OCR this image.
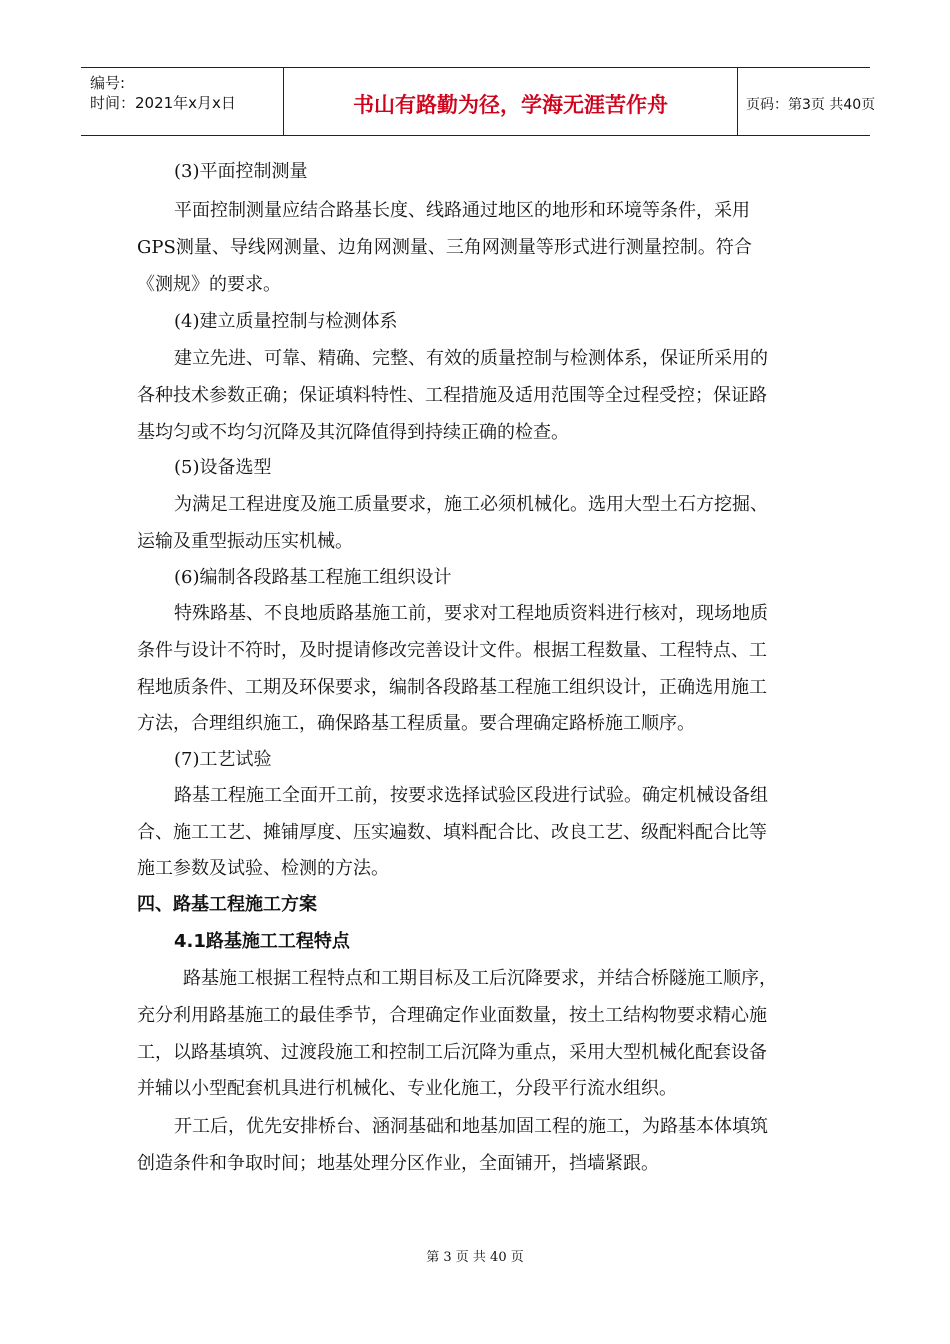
编号:
时间：2021年x月x日	书山有路勤为径，学海无涯苦作舟	页码：第3页 共40页
(3)平面控制测量
平面控制测量应结合路基长度、线路通过地区的地形和环境等条件，采用
GPS测量、导线网测量、边角网测量、三角网测量等形式进行测量控制。符合
《测规》的要求。
(4)建立质量控制与检测体系
建立先进、可靠、精确、完整、有效的质量控制与检测体系，保证所采用的
各种技术参数正确；保证填料特性、工程措施及适用范围等全过程受控；保证路
基均匀或不均匀沉降及其沉降值得到持续正确的检查。
(5)设备选型
为满足工程进度及施工质量要求，施工必须机械化。选用大型土石方挖掘、
运输及重型振动压实机械。
(6)编制各段路基工程施工组织设计
特殊路基、不良地质路基施工前，要求对工程地质资料进行核对，现场地质
条件与设计不符时，及时提请修改完善设计文件。根据工程数量、工程特点、工
程地质条件、工期及环保要求，编制各段路基工程施工组织设计，正确选用施工
方法，合理组织施工，确保路基工程质量。要合理确定路桥施工顺序。
(7)工艺试验
路基工程施工全面开工前，按要求选择试验区段进行试验。确定机械设备组
合、施工工艺、摊铺厚度、压实遍数、填料配合比、改良工艺、级配料配合比等
施工参数及试验、检测的方法。
四、路基工程施工方案
4.1路基施工工程特点
路基施工根据工程特点和工期目标及工后沉降要求，并结合桥隧施工顺序，
充分利用路基施工的最佳季节，合理确定作业面数量，按土工结构物要求精心施
工，以路基填筑、过渡段施工和控制工后沉降为重点，采用大型机械化配套设备
并辅以小型配套机具进行机械化、专业化施工，分段平行流水组织。
开工后，优先安排桥台、涵洞基础和地基加固工程的施工，为路基本体填筑
创造条件和争取时间；地基处理分区作业，全面铺开，挡墙紧跟。
第 3 页 共 40 页
